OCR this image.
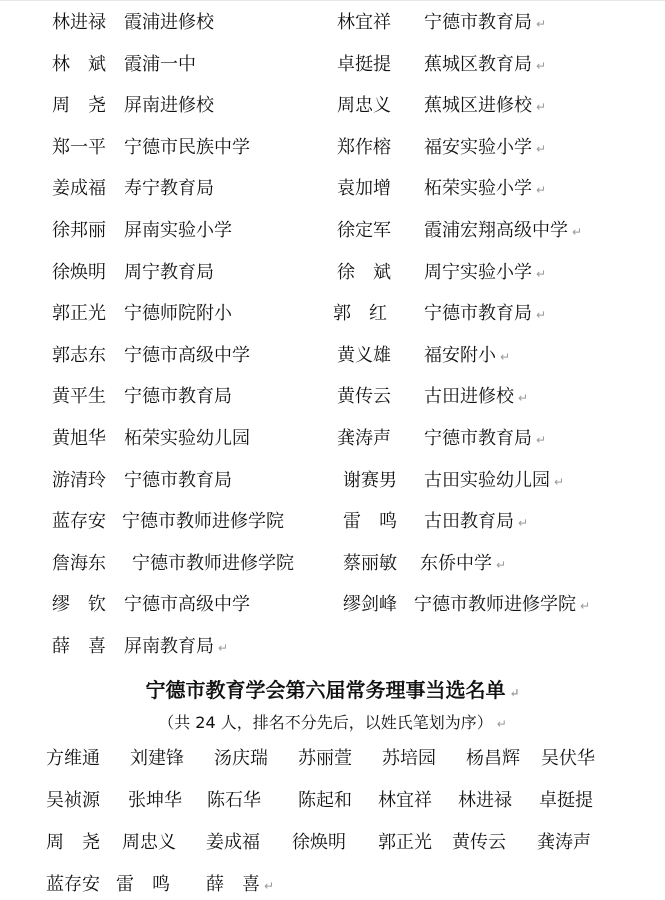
林进禄 霞浦进修校	林宜祥 宁德市教育局 ↵
林　斌 霞浦一中	卓挺提 蕉城区教育局 ↵
周　尧 屏南进修校	周忠义 蕉城区进修校 ↵
郑一平 宁德市民族中学	郑作榕 福安实验小学 ↵
姜成福 寿宁教育局	袁加增 柘荣实验小学 ↵
徐邦丽 屏南实验小学	徐定军 霞浦宏翔高级中学 ↵
徐焕明 周宁教育局	徐　斌 周宁实验小学 ↵
郭正光 宁德师院附小	郭　红 宁德市教育局 ↵
郭志东 宁德市高级中学	黄义雄 福安附小 ↵
黄平生 宁德市教育局	黄传云 古田进修校 ↵
黄旭华 柘荣实验幼儿园	龚涛声 宁德市教育局 ↵
游清玲 宁德市教育局	谢赛男 古田实验幼儿园 ↵
蓝存安 宁德市教师进修学院	雷　鸣 古田教育局 ↵
詹海东 宁德市教师进修学院	蔡丽敏 东侨中学 ↵
缪　钦 宁德市高级中学	缪剑峰 宁德市教师进修学院 ↵
薛　喜 屏南教育局 ↵
宁德市教育学会第六届常务理事当选名单 ↵
（共 24 人，排名不分先后，以姓氏笔划为序） ↵
方维通 刘建锋 汤庆瑞 苏丽萱 苏培园 杨昌辉 吴伏华
吴祯源 张坤华 陈石华 陈起和 林宜祥 林进禄 卓挺提
周　尧 周忠义 姜成福 徐焕明 郭正光 黄传云 龚涛声
蓝存安 雷　鸣 薛　喜 ↵
